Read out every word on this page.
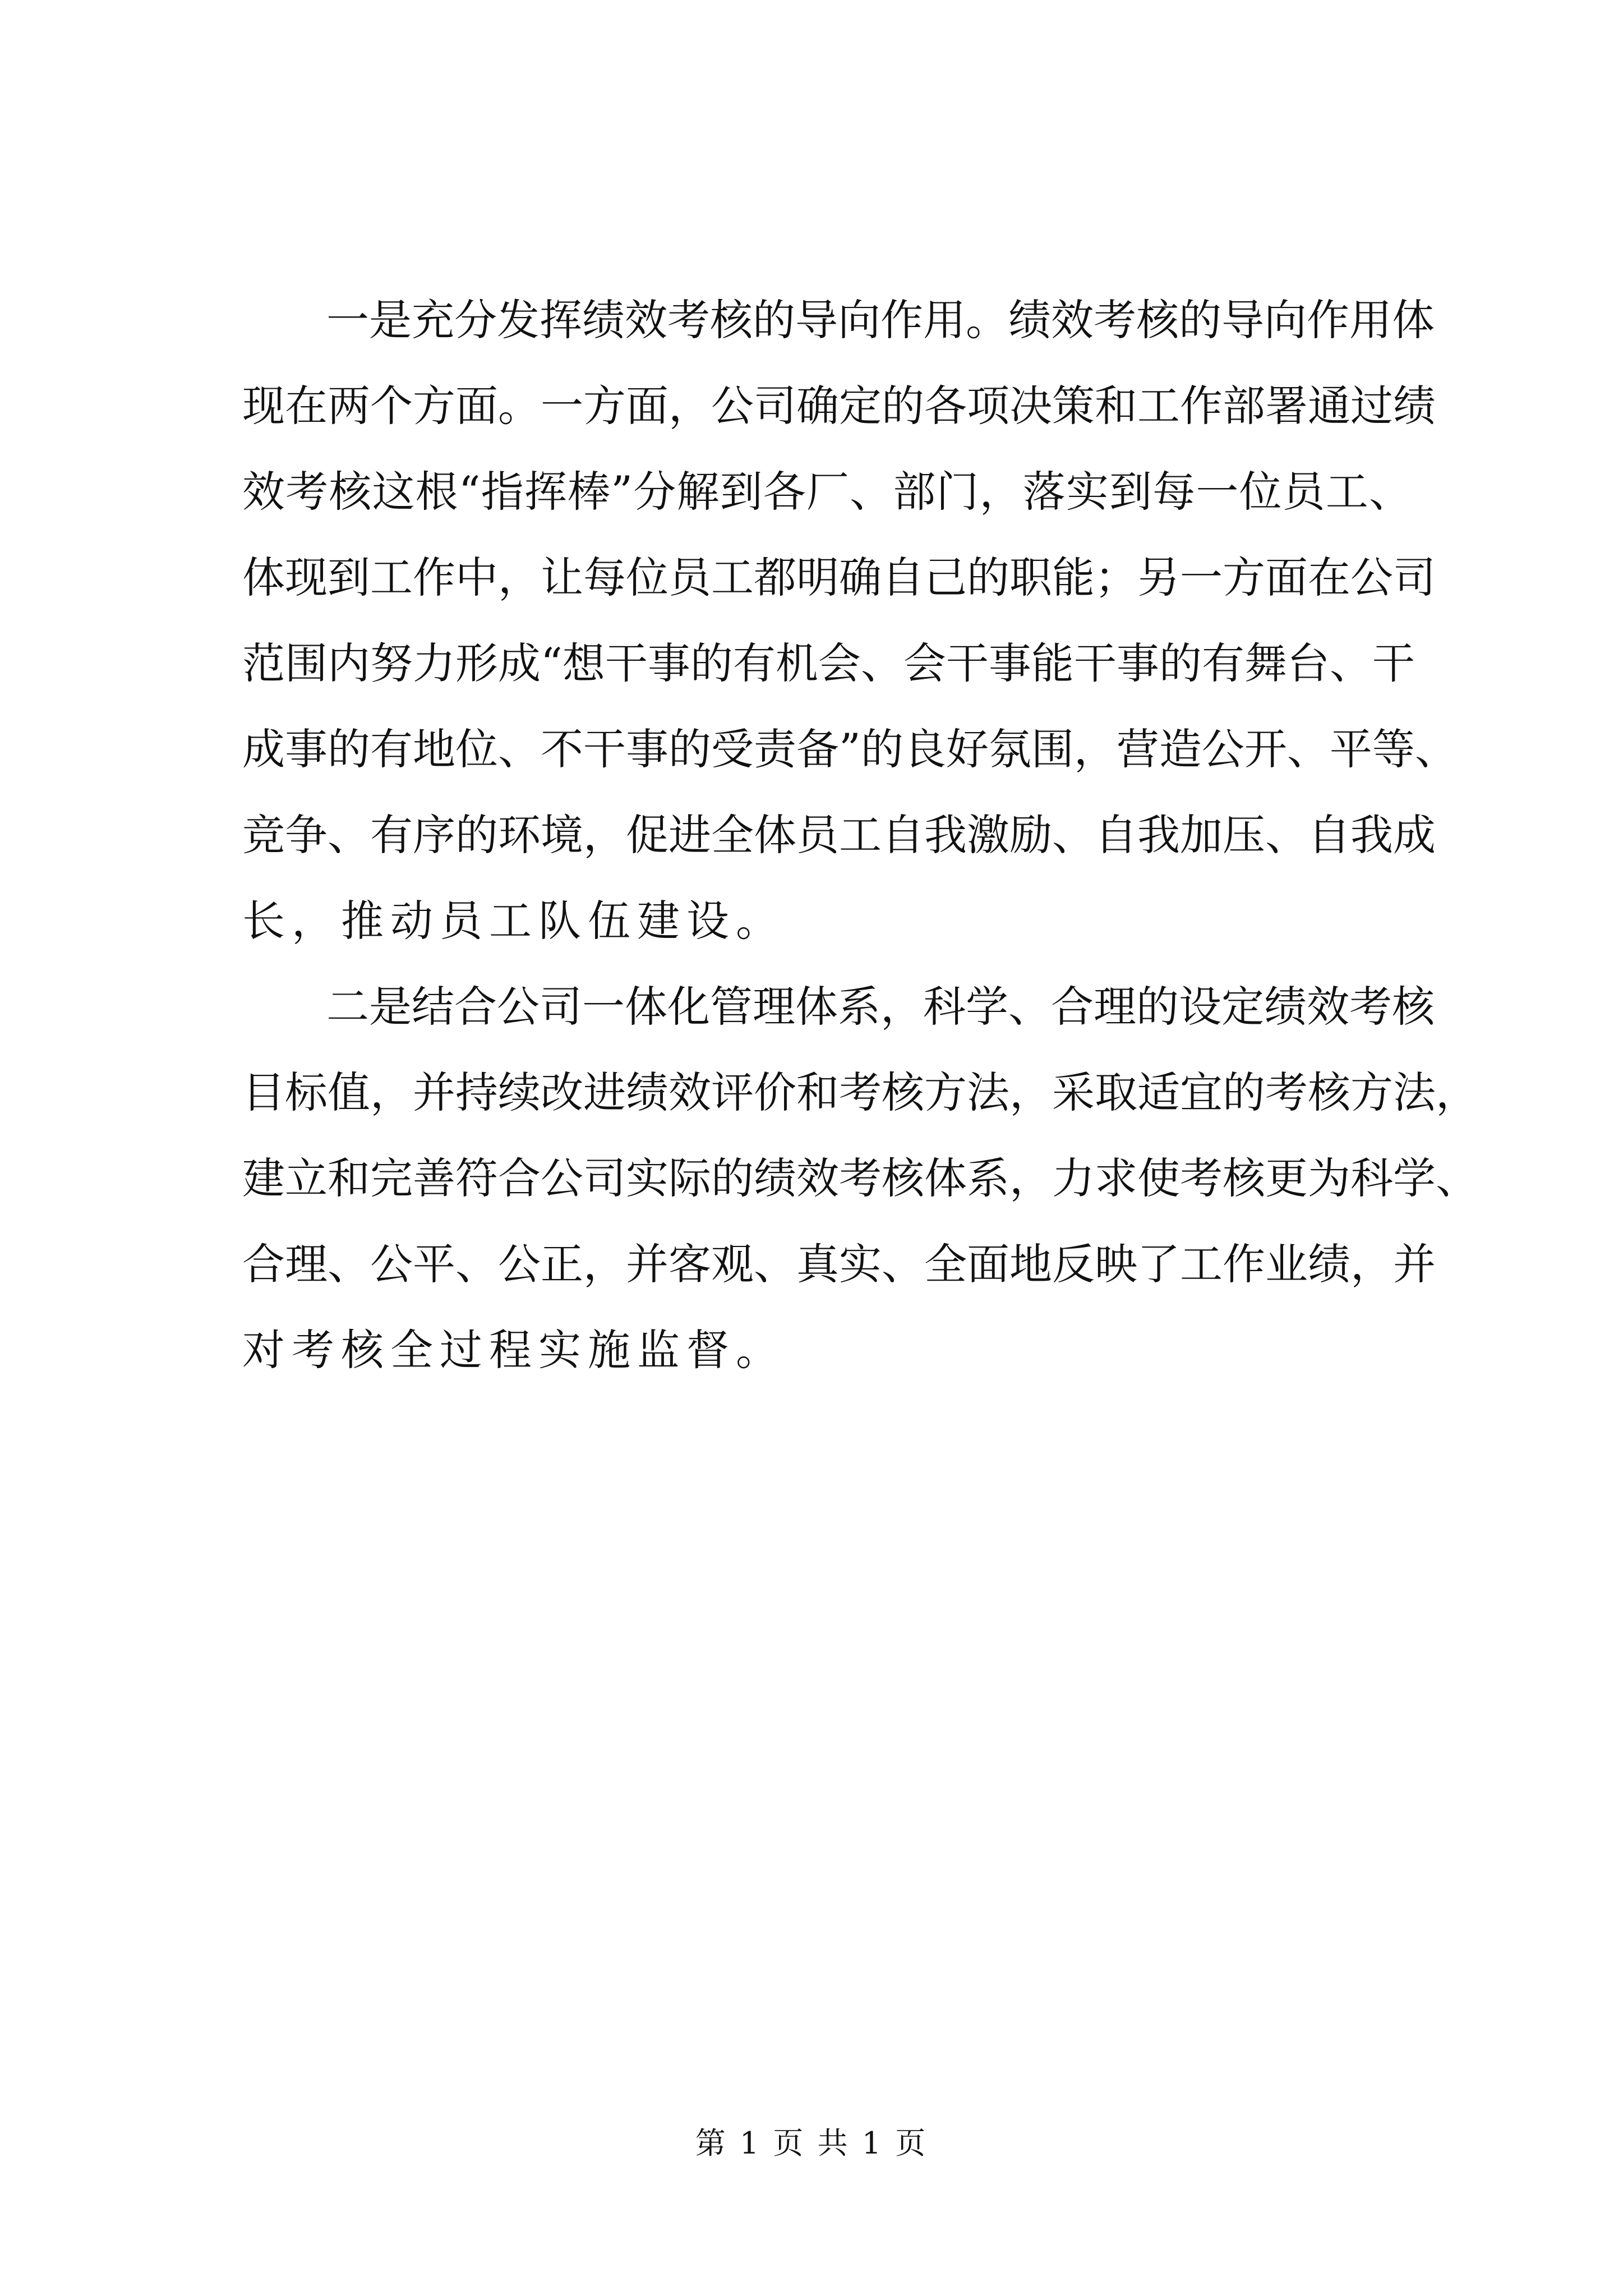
一是充分发挥绩效考核的导向作用。绩效考核的导向作用体
现在两个方面。一方面，公司确定的各项决策和工作部署通过绩
效考核这根“指挥棒”分解到各厂、部门，落实到每一位员工、
体现到工作中，让每位员工都明确自己的职能；另一方面在公司
范围内努力形成“想干事的有机会、会干事能干事的有舞台、干
成事的有地位、不干事的受责备”的良好氛围，营造公开、平等、
竞争、有序的环境，促进全体员工自我激励、自我加压、自我成
长，推动员工队伍建设。
二是结合公司一体化管理体系，科学、合理的设定绩效考核
目标值，并持续改进绩效评价和考核方法，采取适宜的考核方法，
建立和完善符合公司实际的绩效考核体系，力求使考核更为科学、
合理、公平、公正，并客观、真实、全面地反映了工作业绩，并
对考核全过程实施监督。
第 1 页 共 1 页
